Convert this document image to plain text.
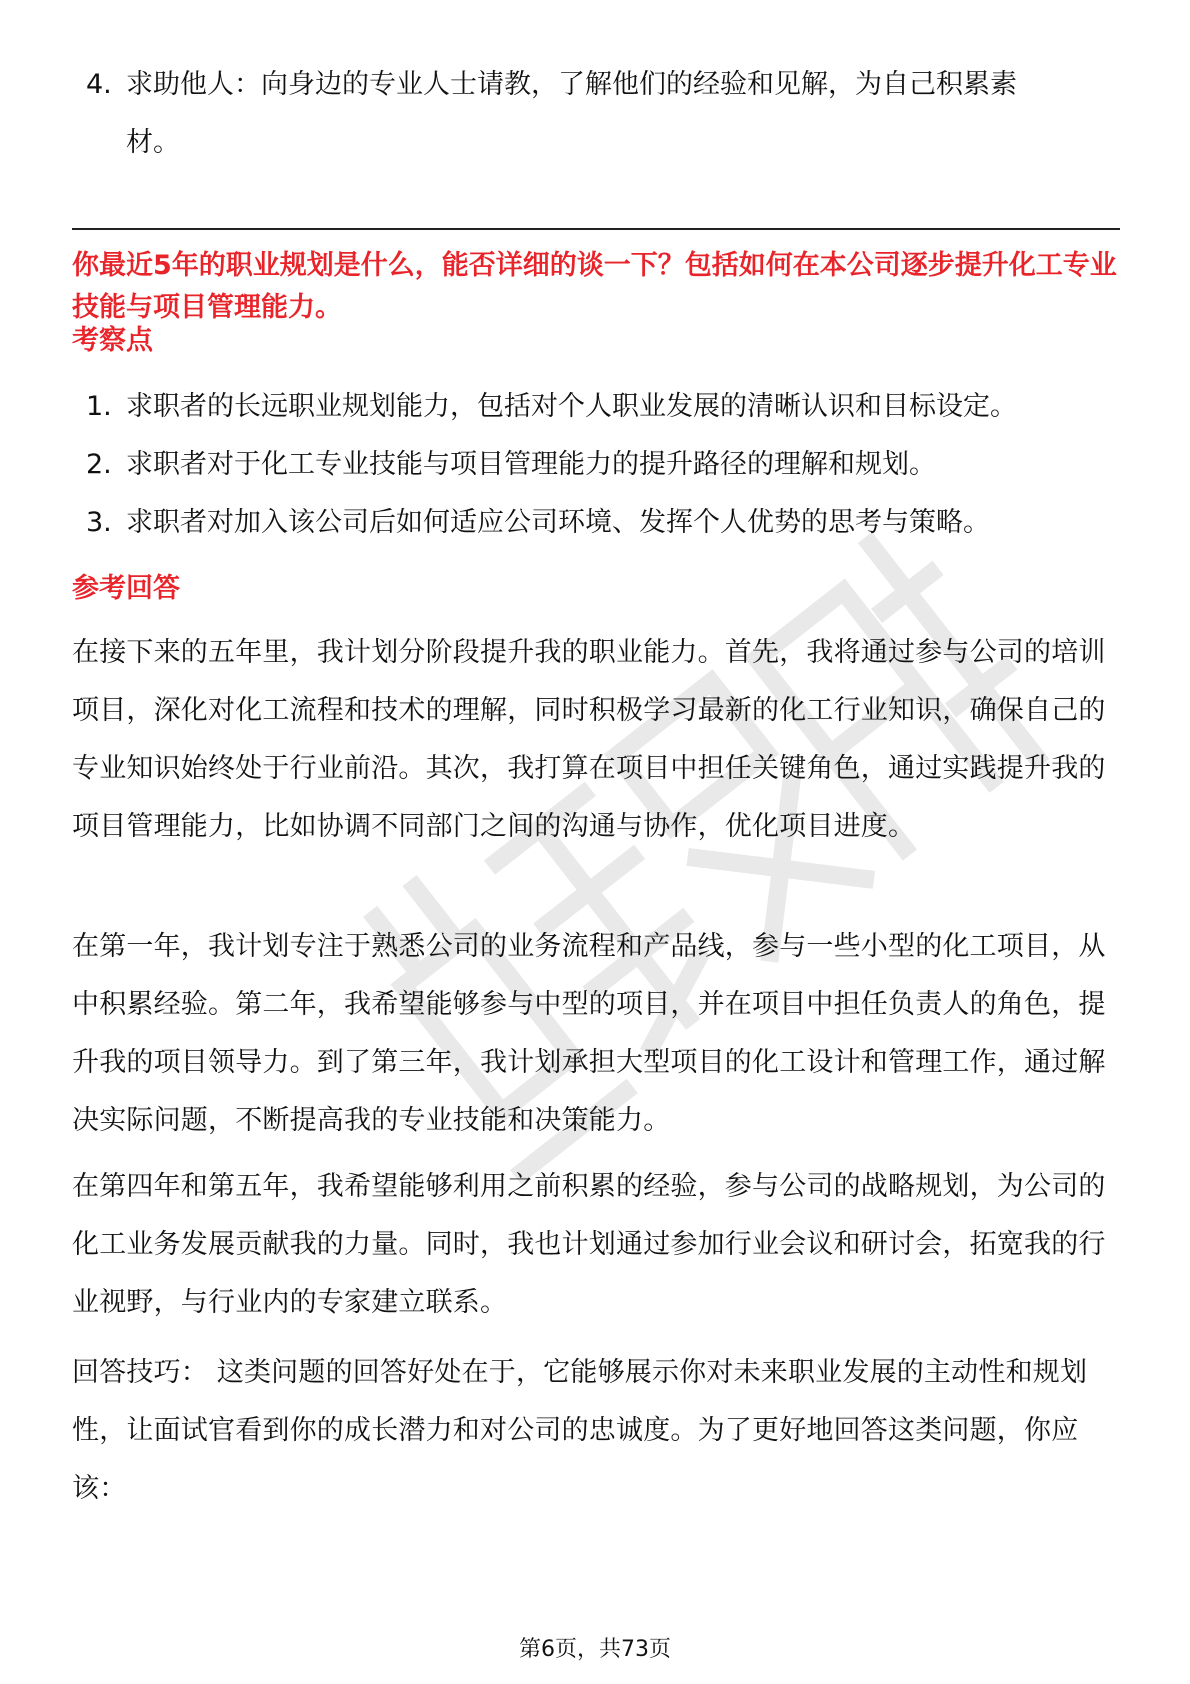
4. 求助他人：向身边的专业人士请教，了解他们的经验和见解，为自己积累素材。
你最近5年的职业规划是什么，能否详细的谈一下？包括如何在本公司逐步提升化工专业技能与项目管理能力。
考察点
1. 求职者的长远职业规划能力，包括对个人职业发展的清晰认识和目标设定。
2. 求职者对于化工专业技能与项目管理能力的提升路径的理解和规划。
3. 求职者对加入该公司后如何适应公司环境、发挥个人优势的思考与策略。
参考回答

在接下来的五年里，我计划分阶段提升我的职业能力。首先，我将通过参与公司的培训项目，深化对化工流程和技术的理解，同时积极学习最新的化工行业知识，确保自己的专业知识始终处于行业前沿。其次，我打算在项目中担任关键角色，通过实践提升我的项目管理能力，比如协调不同部门之间的沟通与协作，优化项目进度。

在第一年，我计划专注于熟悉公司的业务流程和产品线，参与一些小型的化工项目，从中积累经验。第二年，我希望能够参与中型的项目，并在项目中担任负责人的角色，提升我的项目领导力。到了第三年，我计划承担大型项目的化工设计和管理工作，通过解决实际问题，不断提高我的专业技能和决策能力。

在第四年和第五年，我希望能够利用之前积累的经验，参与公司的战略规划，为公司的化工业务发展贡献我的力量。同时，我也计划通过参加行业会议和研讨会，拓宽我的行业视野，与行业内的专家建立联系。

回答技巧： 这类问题的回答好处在于，它能够展示你对未来职业发展的主动性和规划性，让面试官看到你的成长潜力和对公司的忠诚度。为了更好地回答这类问题，你应该：

第6页，共73页
